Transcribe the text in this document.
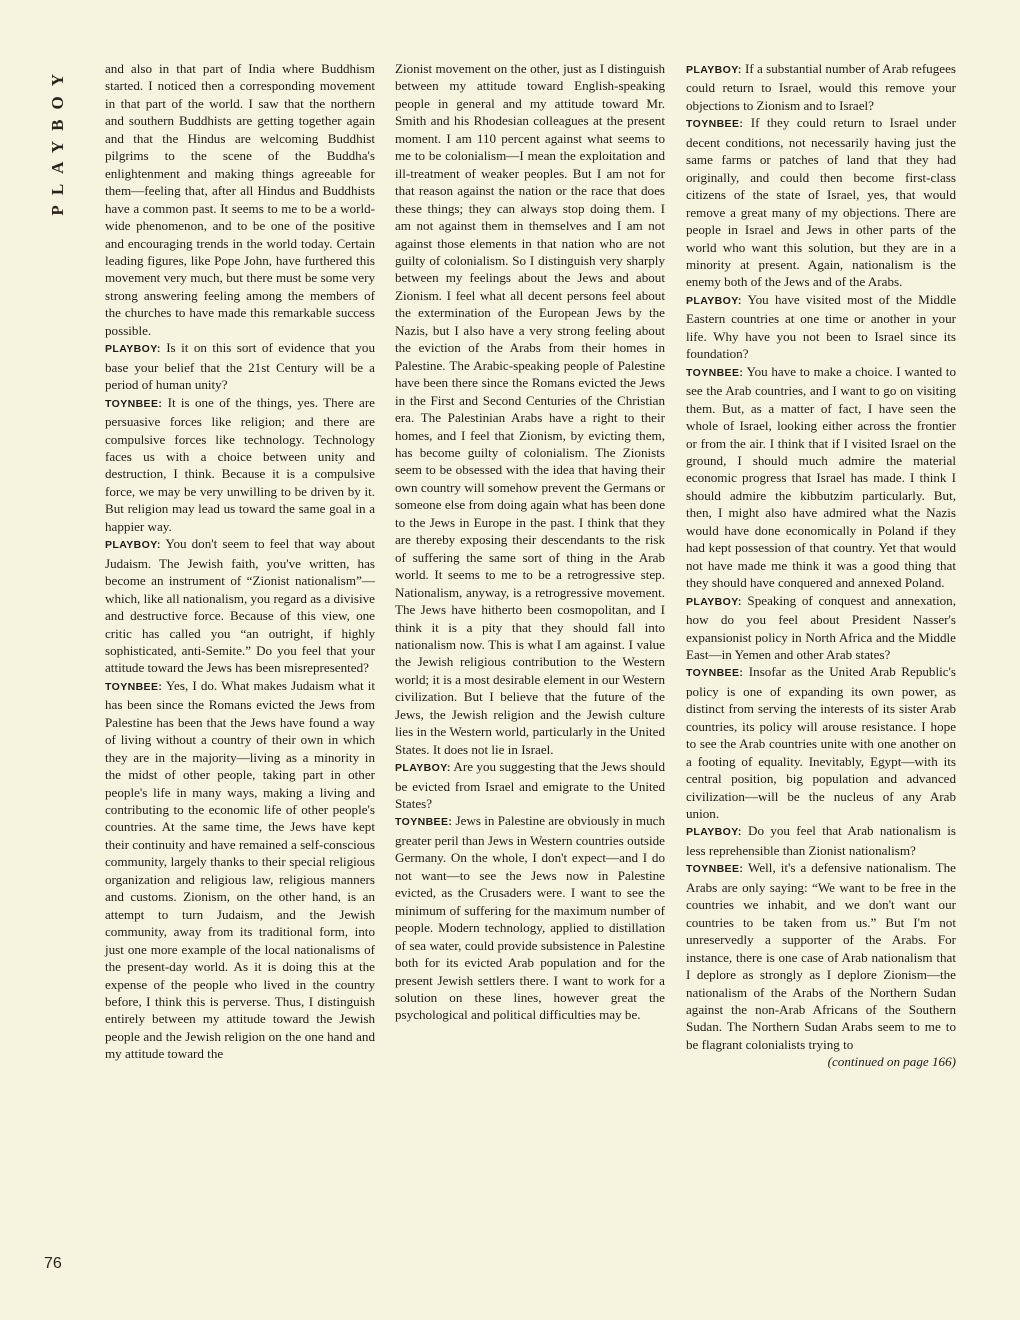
PLAYBOY	and also in that part of India where Buddhism started. I noticed then a corresponding movement in that part of the world. I saw that the northern and southern Buddhists are getting together again and that the Hindus are welcoming Buddhist pilgrims to the scene of the Buddha's enlightenment and making things agreeable for them—feeling that, after all Hindus and Buddhists have a common past. It seems to me to be a world-wide phenomenon, and to be one of the positive and encouraging trends in the world today. Certain leading figures, like Pope John, have furthered this movement very much, but there must be some very strong answering feeling among the members of the churches to have made this remarkable success possible.

PLAYBOY: Is it on this sort of evidence that you base your belief that the 21st Century will be a period of human unity?

TOYNBEE: It is one of the things, yes. There are persuasive forces like religion; and there are compulsive forces like technology. Technology faces us with a choice between unity and destruction, I think. Because it is a compulsive force, we may be very unwilling to be driven by it. But religion may lead us toward the same goal in a happier way.

PLAYBOY: You don't seem to feel that way about Judaism. The Jewish faith, you've written, has become an instrument of “Zionist nationalism”—which, like all nationalism, you regard as a divisive and destructive force. Because of this view, one critic has called you “an outright, if highly sophisticated, anti-Semite.” Do you feel that your attitude toward the Jews has been misrepresented?

TOYNBEE: Yes, I do. What makes Judaism what it has been since the Romans evicted the Jews from Palestine has been that the Jews have found a way of living without a country of their own in which they are in the majority—living as a minority in the midst of other people, taking part in other people's life in many ways, making a living and contributing to the economic life of other people's countries. At the same time, the Jews have kept their continuity and have remained a self-conscious community, largely thanks to their special religious organization and religious law, religious manners and customs. Zionism, on the other hand, is an attempt to turn Judaism, and the Jewish community, away from its traditional form, into just one more example of the local nationalisms of the present-day world. As it is doing this at the expense of the people who lived in the country before, I think this is perverse. Thus, I distinguish entirely between my attitude toward the Jewish people and the Jewish religion on the one hand and my attitude toward the

Zionist movement on the other, just as I distinguish between my attitude toward English-speaking people in general and my attitude toward Mr. Smith and his Rhodesian colleagues at the present moment. I am 110 percent against what seems to me to be colonialism—I mean the exploitation and ill-treatment of weaker peoples. But I am not for that reason against the nation or the race that does these things; they can always stop doing them. I am not against them in themselves and I am not against those elements in that nation who are not guilty of colonialism. So I distinguish very sharply between my feelings about the Jews and about Zionism. I feel what all decent persons feel about the extermination of the European Jews by the Nazis, but I also have a very strong feeling about the eviction of the Arabs from their homes in Palestine. The Arabic-speaking people of Palestine have been there since the Romans evicted the Jews in the First and Second Centuries of the Christian era. The Palestinian Arabs have a right to their homes, and I feel that Zionism, by evicting them, has become guilty of colonialism. The Zionists seem to be obsessed with the idea that having their own country will somehow prevent the Germans or someone else from doing again what has been done to the Jews in Europe in the past. I think that they are thereby exposing their descendants to the risk of suffering the same sort of thing in the Arab world. It seems to me to be a retrogressive step. Nationalism, anyway, is a retrogressive movement. The Jews have hitherto been cosmopolitan, and I think it is a pity that they should fall into nationalism now. This is what I am against. I value the Jewish religious contribution to the Western world; it is a most desirable element in our Western civilization. But I believe that the future of the Jews, the Jewish religion and the Jewish culture lies in the Western world, particularly in the United States. It does not lie in Israel.

PLAYBOY: Are you suggesting that the Jews should be evicted from Israel and emigrate to the United States?

TOYNBEE: Jews in Palestine are obviously in much greater peril than Jews in Western countries outside Germany. On the whole, I don't expect—and I do not want—to see the Jews now in Palestine evicted, as the Crusaders were. I want to see the minimum of suffering for the maximum number of people. Modern technology, applied to distillation of sea water, could provide subsistence in Palestine both for its evicted Arab population and for the present Jewish settlers there. I want to work for a solution on these lines, however great the psychological and political difficulties may be.

PLAYBOY: If a substantial number of Arab refugees could return to Israel, would this remove your objections to Zionism and to Israel?

TOYNBEE: If they could return to Israel under decent conditions, not necessarily having just the same farms or patches of land that they had originally, and could then become first-class citizens of the state of Israel, yes, that would remove a great many of my objections. There are people in Israel and Jews in other parts of the world who want this solution, but they are in a minority at present. Again, nationalism is the enemy both of the Jews and of the Arabs.

PLAYBOY: You have visited most of the Middle Eastern countries at one time or another in your life. Why have you not been to Israel since its foundation?

TOYNBEE: You have to make a choice. I wanted to see the Arab countries, and I want to go on visiting them. But, as a matter of fact, I have seen the whole of Israel, looking either across the frontier or from the air. I think that if I visited Israel on the ground, I should much admire the material economic progress that Israel has made. I think I should admire the kibbutzim particularly. But, then, I might also have admired what the Nazis would have done economically in Poland if they had kept possession of that country. Yet that would not have made me think it was a good thing that they should have conquered and annexed Poland.

PLAYBOY: Speaking of conquest and annexation, how do you feel about President Nasser's expansionist policy in North Africa and the Middle East—in Yemen and other Arab states?

TOYNBEE: Insofar as the United Arab Republic's policy is one of expanding its own power, as distinct from serving the interests of its sister Arab countries, its policy will arouse resistance. I hope to see the Arab countries unite with one another on a footing of equality. Inevitably, Egypt—with its central position, big population and advanced civilization—will be the nucleus of any Arab union.

PLAYBOY: Do you feel that Arab nationalism is less reprehensible than Zionist nationalism?

TOYNBEE: Well, it's a defensive nationalism. The Arabs are only saying: “We want to be free in the countries we inhabit, and we don't want our countries to be taken from us.” But I'm not unreservedly a supporter of the Arabs. For instance, there is one case of Arab nationalism that I deplore as strongly as I deplore Zionism—the nationalism of the Arabs of the Northern Sudan against the non-Arab Africans of the Southern Sudan. The Northern Sudan Arabs seem to me to be flagrant colonialists trying to

(continued on page 166)

76
